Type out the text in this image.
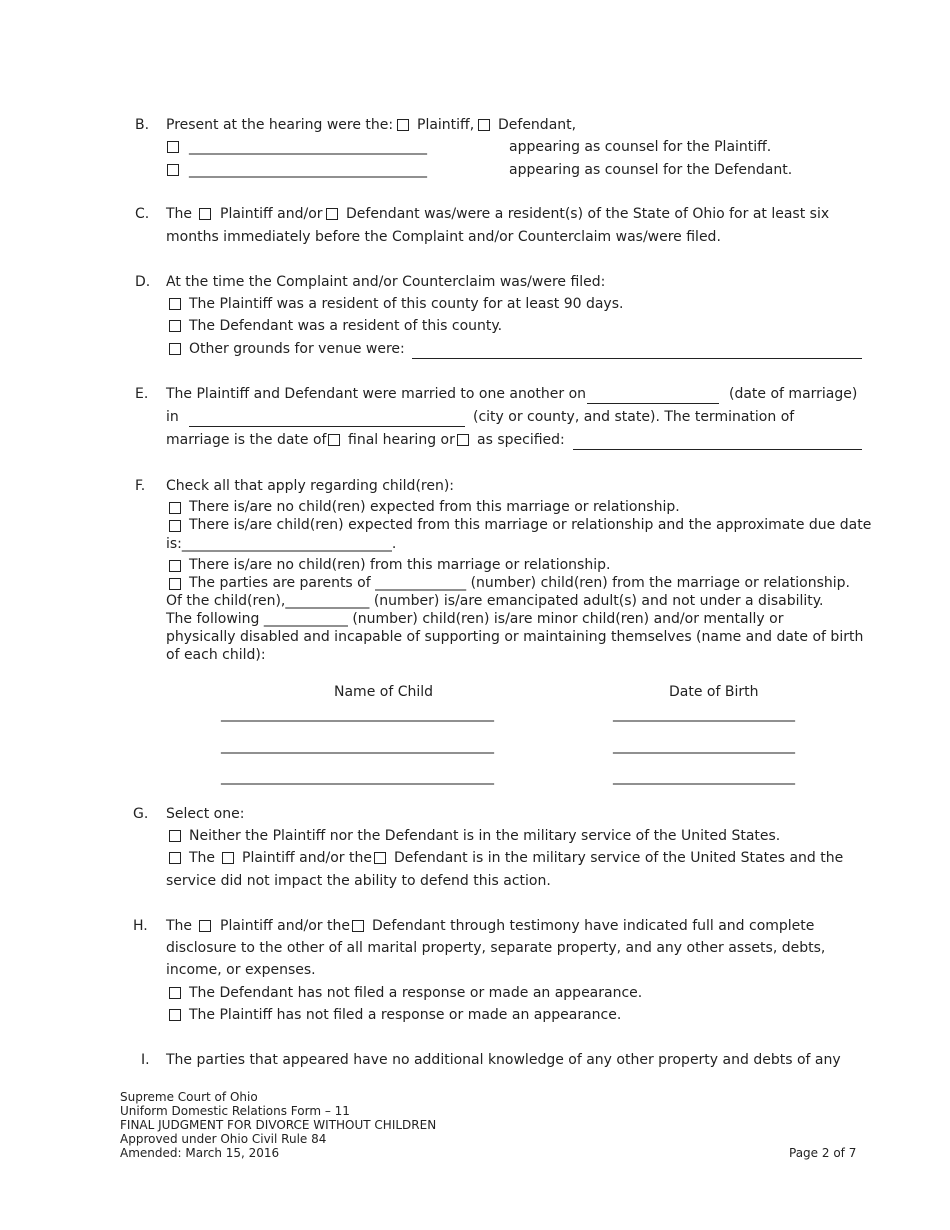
B. Present at the hearing were the: Plaintiff, Defendant,
__________________________________	appearing as counsel for the Plaintiff.
__________________________________	appearing as counsel for the Defendant.
C. The Plaintiff and/or Defendant was/were a resident(s) of the State of Ohio for at least six
months immediately before the Complaint and/or Counterclaim was/were filed.
D. At the time the Complaint and/or Counterclaim was/were filed:
The Plaintiff was a resident of this county for at least 90 days.
The Defendant was a resident of this county.
Other grounds for venue were:
E. The Plaintiff and Defendant were married to one another on	(date of marriage)
in	(city or county, and state). The termination of
marriage is the date of final hearing or as specified:
F. Check all that apply regarding child(ren):
There is/are no child(ren) expected from this marriage or relationship.
There is/are child(ren) expected from this marriage or relationship and the approximate due date
is:______________________________.
There is/are no child(ren) from this marriage or relationship.
The parties are parents of _____________ (number) child(ren) from the marriage or relationship.
Of the child(ren),____________ (number) is/are emancipated adult(s) and not under a disability.
The following ____________ (number) child(ren) is/are minor child(ren) and/or mentally or
physically disabled and incapable of supporting or maintaining themselves (name and date of birth
of each child):
Name of Child	Date of Birth
_______________________________________	__________________________
_______________________________________	__________________________
_______________________________________	__________________________
G. Select one:
Neither the Plaintiff nor the Defendant is in the military service of the United States.
The Plaintiff and/or the Defendant is in the military service of the United States and the
service did not impact the ability to defend this action.
H. The Plaintiff and/or the Defendant through testimony have indicated full and complete
disclosure to the other of all marital property, separate property, and any other assets, debts,
income, or expenses.
The Defendant has not filed a response or made an appearance.
The Plaintiff has not filed a response or made an appearance.
I. The parties that appeared have no additional knowledge of any other property and debts of any
Supreme Court of Ohio
Uniform Domestic Relations Form – 11
FINAL JUDGMENT FOR DIVORCE WITHOUT CHILDREN
Approved under Ohio Civil Rule 84
Amended: March 15, 2016	Page 2 of 7
